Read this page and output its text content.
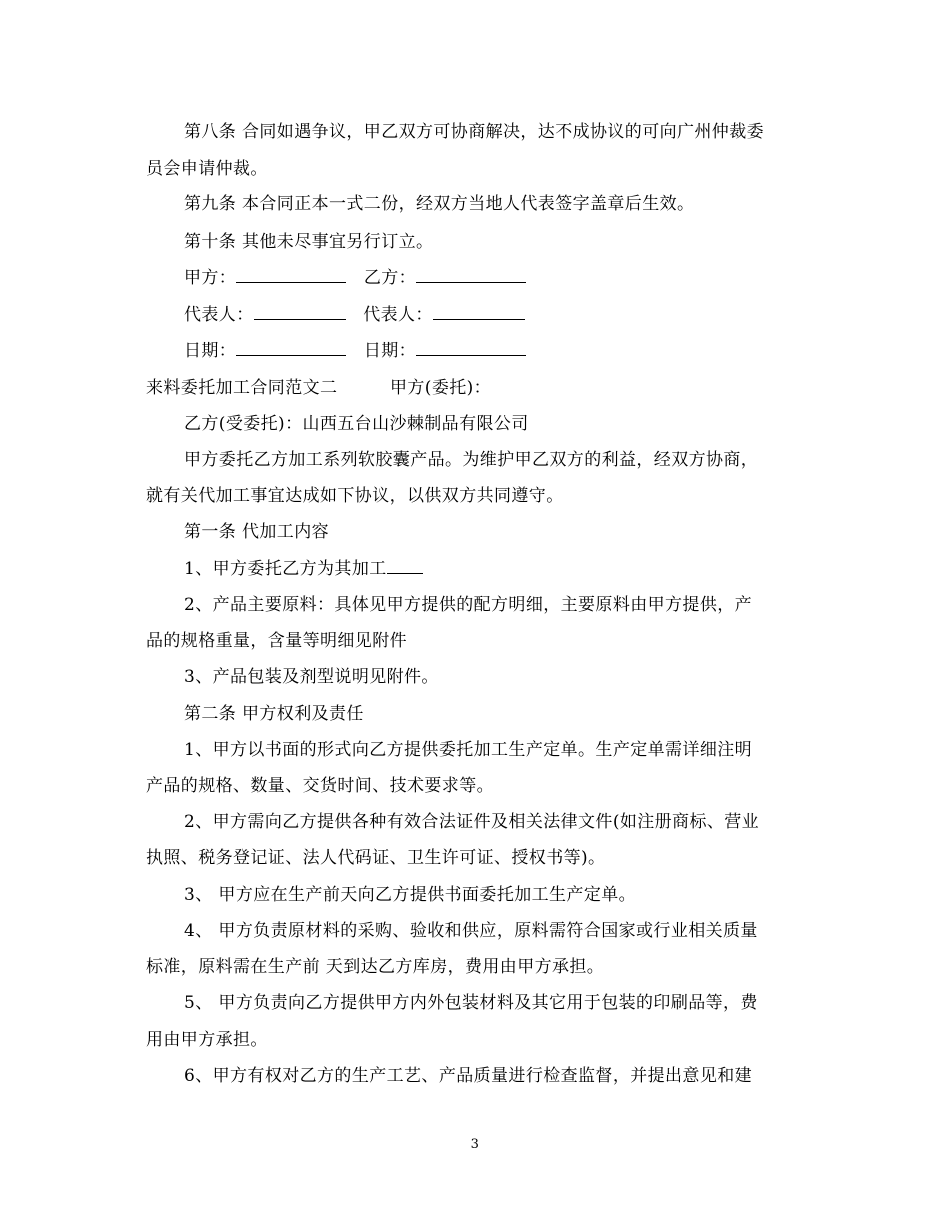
第八条 合同如遇争议，甲乙双方可协商解决，达不成协议的可向广州仲裁委
员会申请仲裁。
第九条 本合同正本一式二份，经双方当地人代表签字盖章后生效。
第十条 其他未尽事宜另行订立。
甲方：	乙方：
代表人：	代表人：
日期：	日期：
来料委托加工合同范文二	甲方(委托)：
乙方(受委托)：山西五台山沙棘制品有限公司
甲方委托乙方加工系列软胶囊产品。为维护甲乙双方的利益，经双方协商，
就有关代加工事宜达成如下协议，以供双方共同遵守。
第一条 代加工内容
1、甲方委托乙方为其加工
2、产品主要原料：具体见甲方提供的配方明细，主要原料由甲方提供，产
品的规格重量，含量等明细见附件
3、产品包装及剂型说明见附件。
第二条 甲方权利及责任
1、甲方以书面的形式向乙方提供委托加工生产定单。生产定单需详细注明
产品的规格、数量、交货时间、技术要求等。
2、甲方需向乙方提供各种有效合法证件及相关法律文件(如注册商标、营业
执照、税务登记证、法人代码证、卫生许可证、授权书等)。
3、 甲方应在生产前天向乙方提供书面委托加工生产定单。
4、 甲方负责原材料的采购、验收和供应，原料需符合国家或行业相关质量
标准，原料需在生产前 天到达乙方库房，费用由甲方承担。
5、 甲方负责向乙方提供甲方内外包装材料及其它用于包装的印刷品等，费
用由甲方承担。
6、甲方有权对乙方的生产工艺、产品质量进行检查监督，并提出意见和建
3
